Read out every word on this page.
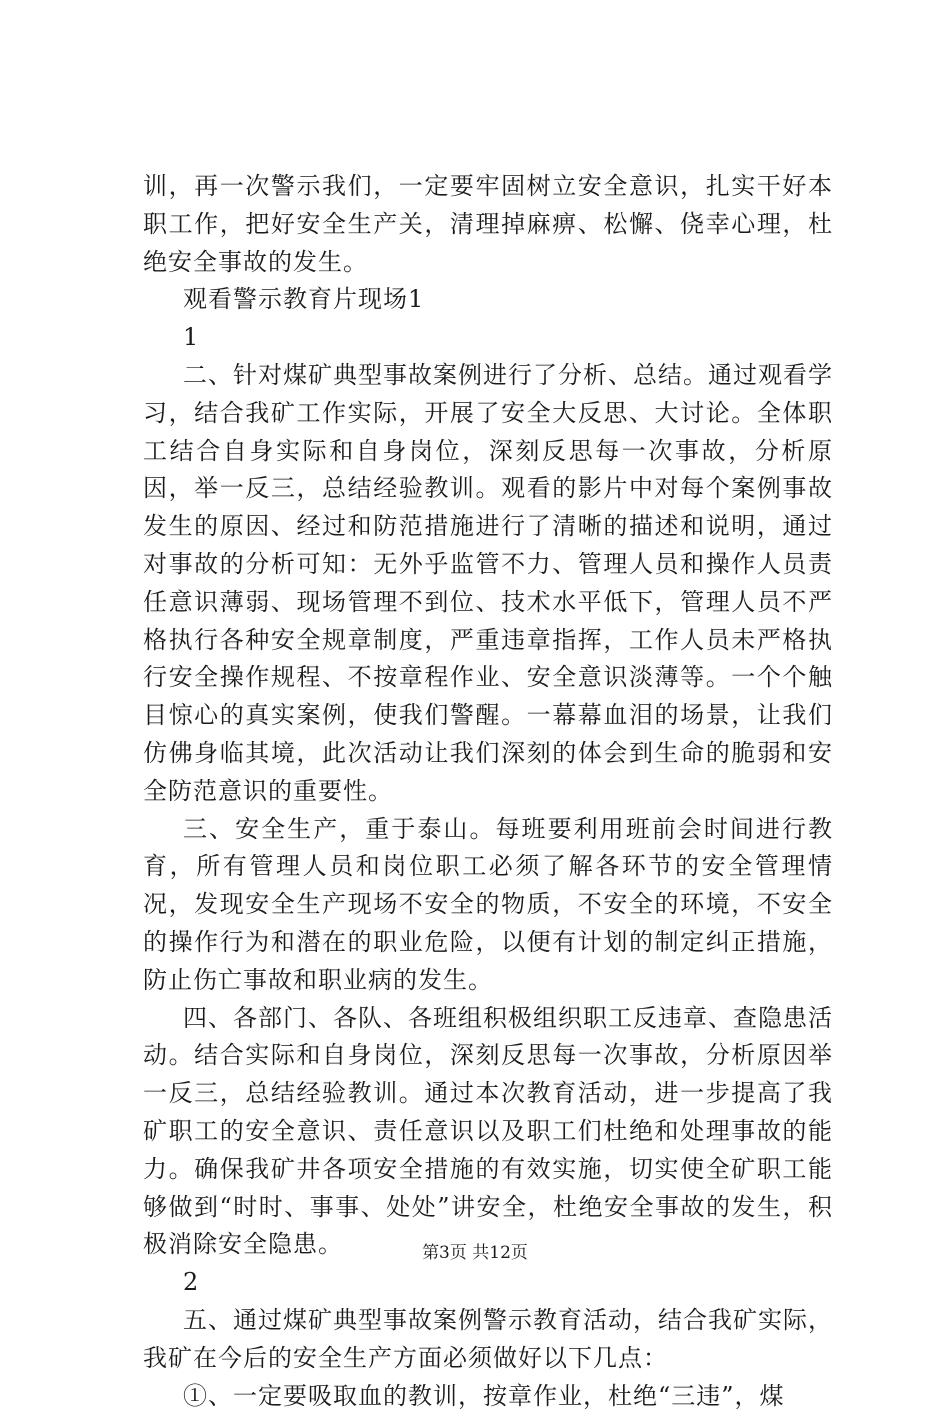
训，再一次警示我们，一定要牢固树立安全意识，扎实干好本职工作，把好安全生产关，清理掉麻痹、松懈、侥幸心理，杜绝安全事故的发生。

观看警示教育片现场1

1

二、针对煤矿典型事故案例进行了分析、总结。通过观看学习，结合我矿工作实际，开展了安全大反思、大讨论。全体职工结合自身实际和自身岗位，深刻反思每一次事故，分析原因，举一反三，总结经验教训。观看的影片中对每个案例事故发生的原因、经过和防范措施进行了清晰的描述和说明，通过对事故的分析可知：无外乎监管不力、管理人员和操作人员责任意识薄弱、现场管理不到位、技术水平低下，管理人员不严格执行各种安全规章制度，严重违章指挥，工作人员未严格执行安全操作规程、不按章程作业、安全意识淡薄等。一个个触目惊心的真实案例，使我们警醒。一幕幕血泪的场景，让我们仿佛身临其境，此次活动让我们深刻的体会到生命的脆弱和安全防范意识的重要性。

三、安全生产，重于泰山。每班要利用班前会时间进行教育，所有管理人员和岗位职工必须了解各环节的安全管理情况，发现安全生产现场不安全的物质，不安全的环境，不安全的操作行为和潜在的职业危险，以便有计划的制定纠正措施，防止伤亡事故和职业病的发生。

四、各部门、各队、各班组积极组织职工反违章、查隐患活动。结合实际和自身岗位，深刻反思每一次事故，分析原因举一反三，总结经验教训。通过本次教育活动，进一步提高了我矿职工的安全意识、责任意识以及职工们杜绝和处理事故的能力。确保我矿井各项安全措施的有效实施，切实使全矿职工能够做到“时时、事事、处处”讲安全，杜绝安全事故的发生，积极消除安全隐患。

2

五、通过煤矿典型事故案例警示教育活动，结合我矿实际，我矿在今后的安全生产方面必须做好以下几点：

①、一定要吸取血的教训，按章作业，杜绝“三违”，煤

第3页 共12页
